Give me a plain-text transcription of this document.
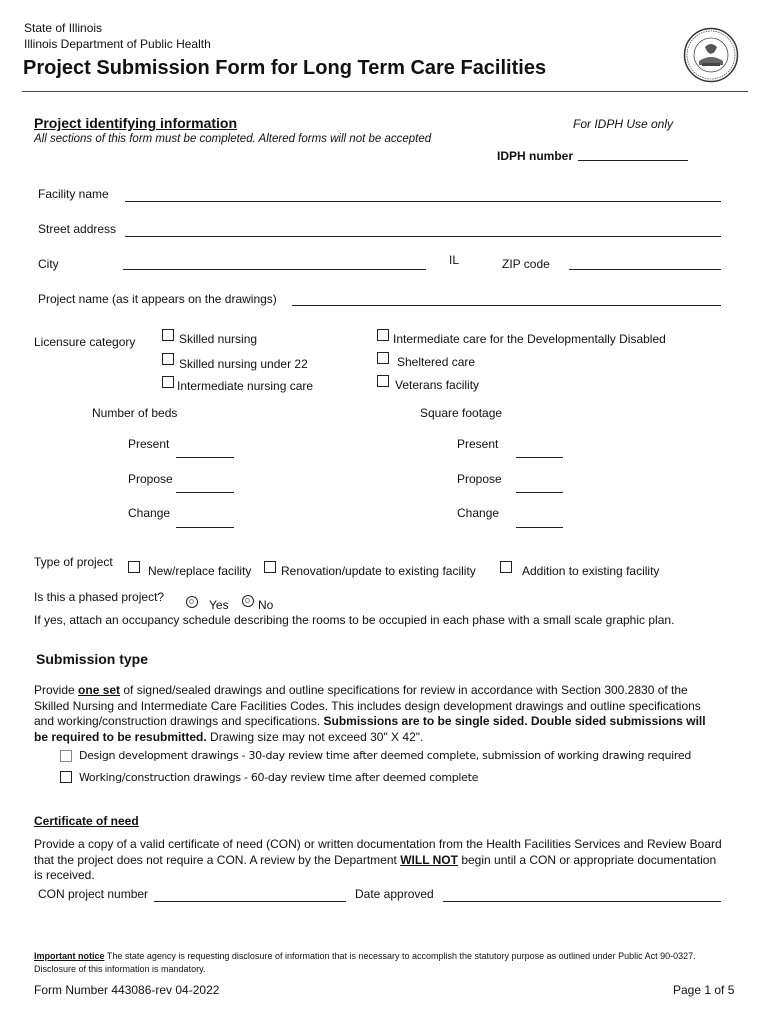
State of Illinois
Illinois Department of Public Health
Project Submission Form for Long Term Care Facilities
Project identifying information
All sections of this form must be completed. Altered forms will not be accepted
For IDPH Use only
IDPH number
Facility name
Street address
City	IL	ZIP code
Project name (as it appears on the drawings)
Licensure category	Skilled nursing
Skilled nursing under 22
Intermediate nursing care
Intermediate care for the Developmentally Disabled
Sheltered care
Veterans facility
Number of beds	Square footage
Present	Present
Propose	Propose
Change	Change
Type of project
New/replace facility Renovation/update to existing facility	Addition to existing facility
Is this a phased project?
Yes No
If yes, attach an occupancy schedule describing the rooms to be occupied in each phase with a small scale graphic plan.
Submission type
Provide one set of signed/sealed drawings and outline specifications for review in accordance with Section 300.2830 of the Skilled Nursing and Intermediate Care Facilities Codes. This includes design development drawings and outline specifications and working/construction drawings and specifications. Submissions are to be single sided. Double sided submissions will be required to be resubmitted. Drawing size may not exceed 30" X 42".
Design development drawings - 30-day review time after deemed complete, submission of working drawing required
Working/construction drawings - 60-day review time after deemed complete
Certificate of need
Provide a copy of a valid certificate of need (CON) or written documentation from the Health Facilities Services and Review Board that the project does not require a CON. A review by the Department WILL NOT begin until a CON or appropriate documentation is received.
CON project number	Date approved
Important notice The state agency is requesting disclosure of information that is necessary to accomplish the statutory purpose as outlined under Public Act 90-0327. Disclosure of this information is mandatory.
Form Number 443086-rev 04-2022	Page 1 of 5
